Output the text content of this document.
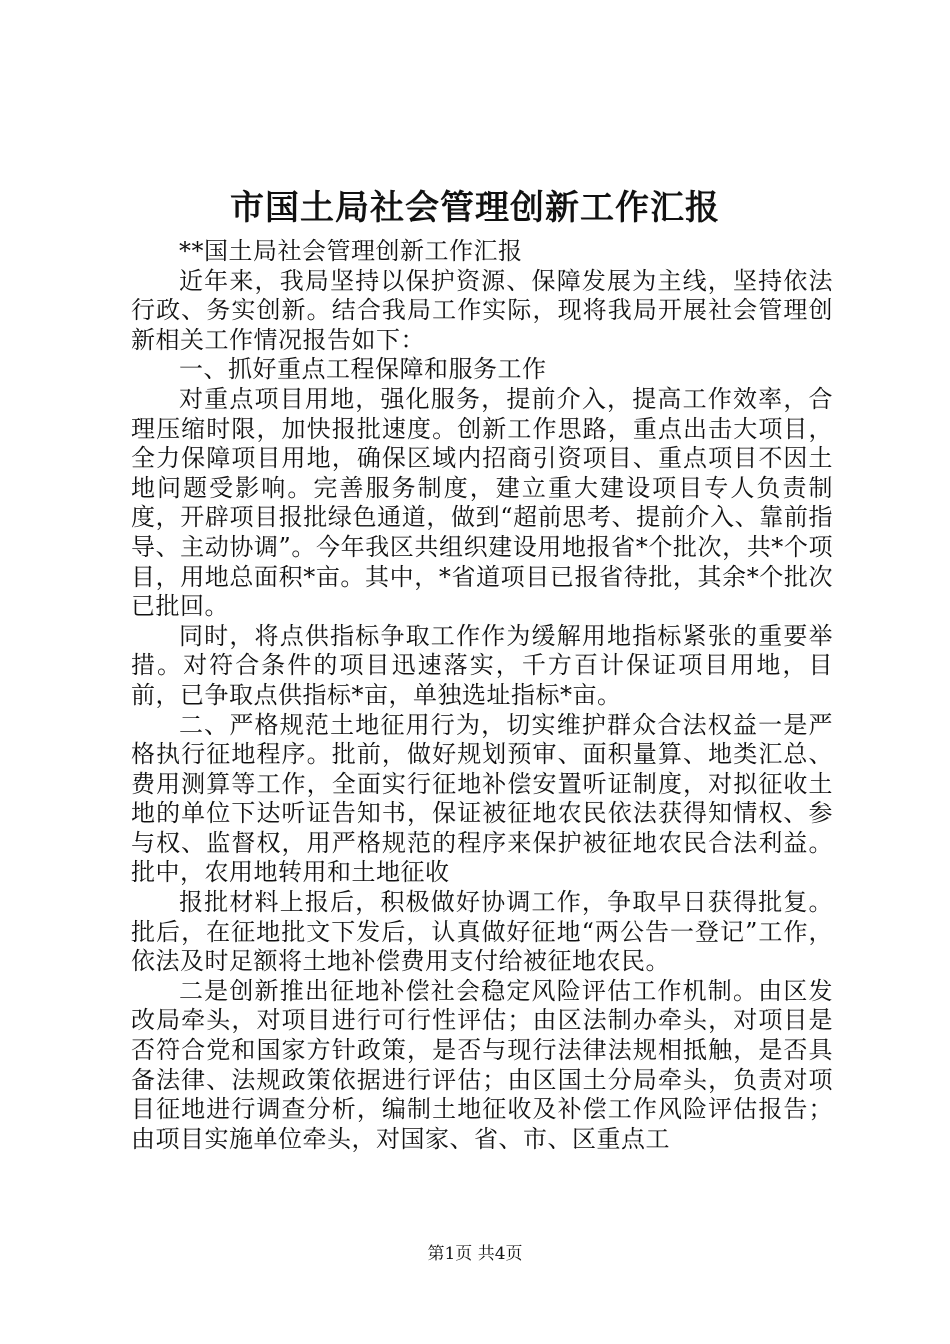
市国土局社会管理创新工作汇报

**国土局社会管理创新工作汇报

近年来，我局坚持以保护资源、保障发展为主线，坚持依法行政、务实创新。结合我局工作实际，现将我局开展社会管理创新相关工作情况报告如下：

一、抓好重点工程保障和服务工作

对重点项目用地，强化服务，提前介入，提高工作效率，合理压缩时限，加快报批速度。创新工作思路，重点出击大项目，全力保障项目用地，确保区域内招商引资项目、重点项目不因土地问题受影响。完善服务制度，建立重大建设项目专人负责制度，开辟项目报批绿色通道，做到“超前思考、提前介入、靠前指导、主动协调”。今年我区共组织建设用地报省*个批次，共*个项目，用地总面积*亩。其中，*省道项目已报省待批，其余*个批次已批回。

同时，将点供指标争取工作作为缓解用地指标紧张的重要举措。对符合条件的项目迅速落实，千方百计保证项目用地，目前，已争取点供指标*亩，单独选址指标*亩。

二、严格规范土地征用行为，切实维护群众合法权益一是严格执行征地程序。批前，做好规划预审、面积量算、地类汇总、费用测算等工作，全面实行征地补偿安置听证制度，对拟征收土地的单位下达听证告知书，保证被征地农民依法获得知情权、参与权、监督权，用严格规范的程序来保护被征地农民合法利益。批中，农用地转用和土地征收

报批材料上报后，积极做好协调工作，争取早日获得批复。批后，在征地批文下发后，认真做好征地“两公告一登记”工作，依法及时足额将土地补偿费用支付给被征地农民。

二是创新推出征地补偿社会稳定风险评估工作机制。由区发改局牵头，对项目进行可行性评估；由区法制办牵头，对项目是否符合党和国家方针政策，是否与现行法律法规相抵触，是否具备法律、法规政策依据进行评估；由区国土分局牵头，负责对项目征地进行调查分析，编制土地征收及补偿工作风险评估报告；由项目实施单位牵头，对国家、省、市、区重点工

第1页 共4页
